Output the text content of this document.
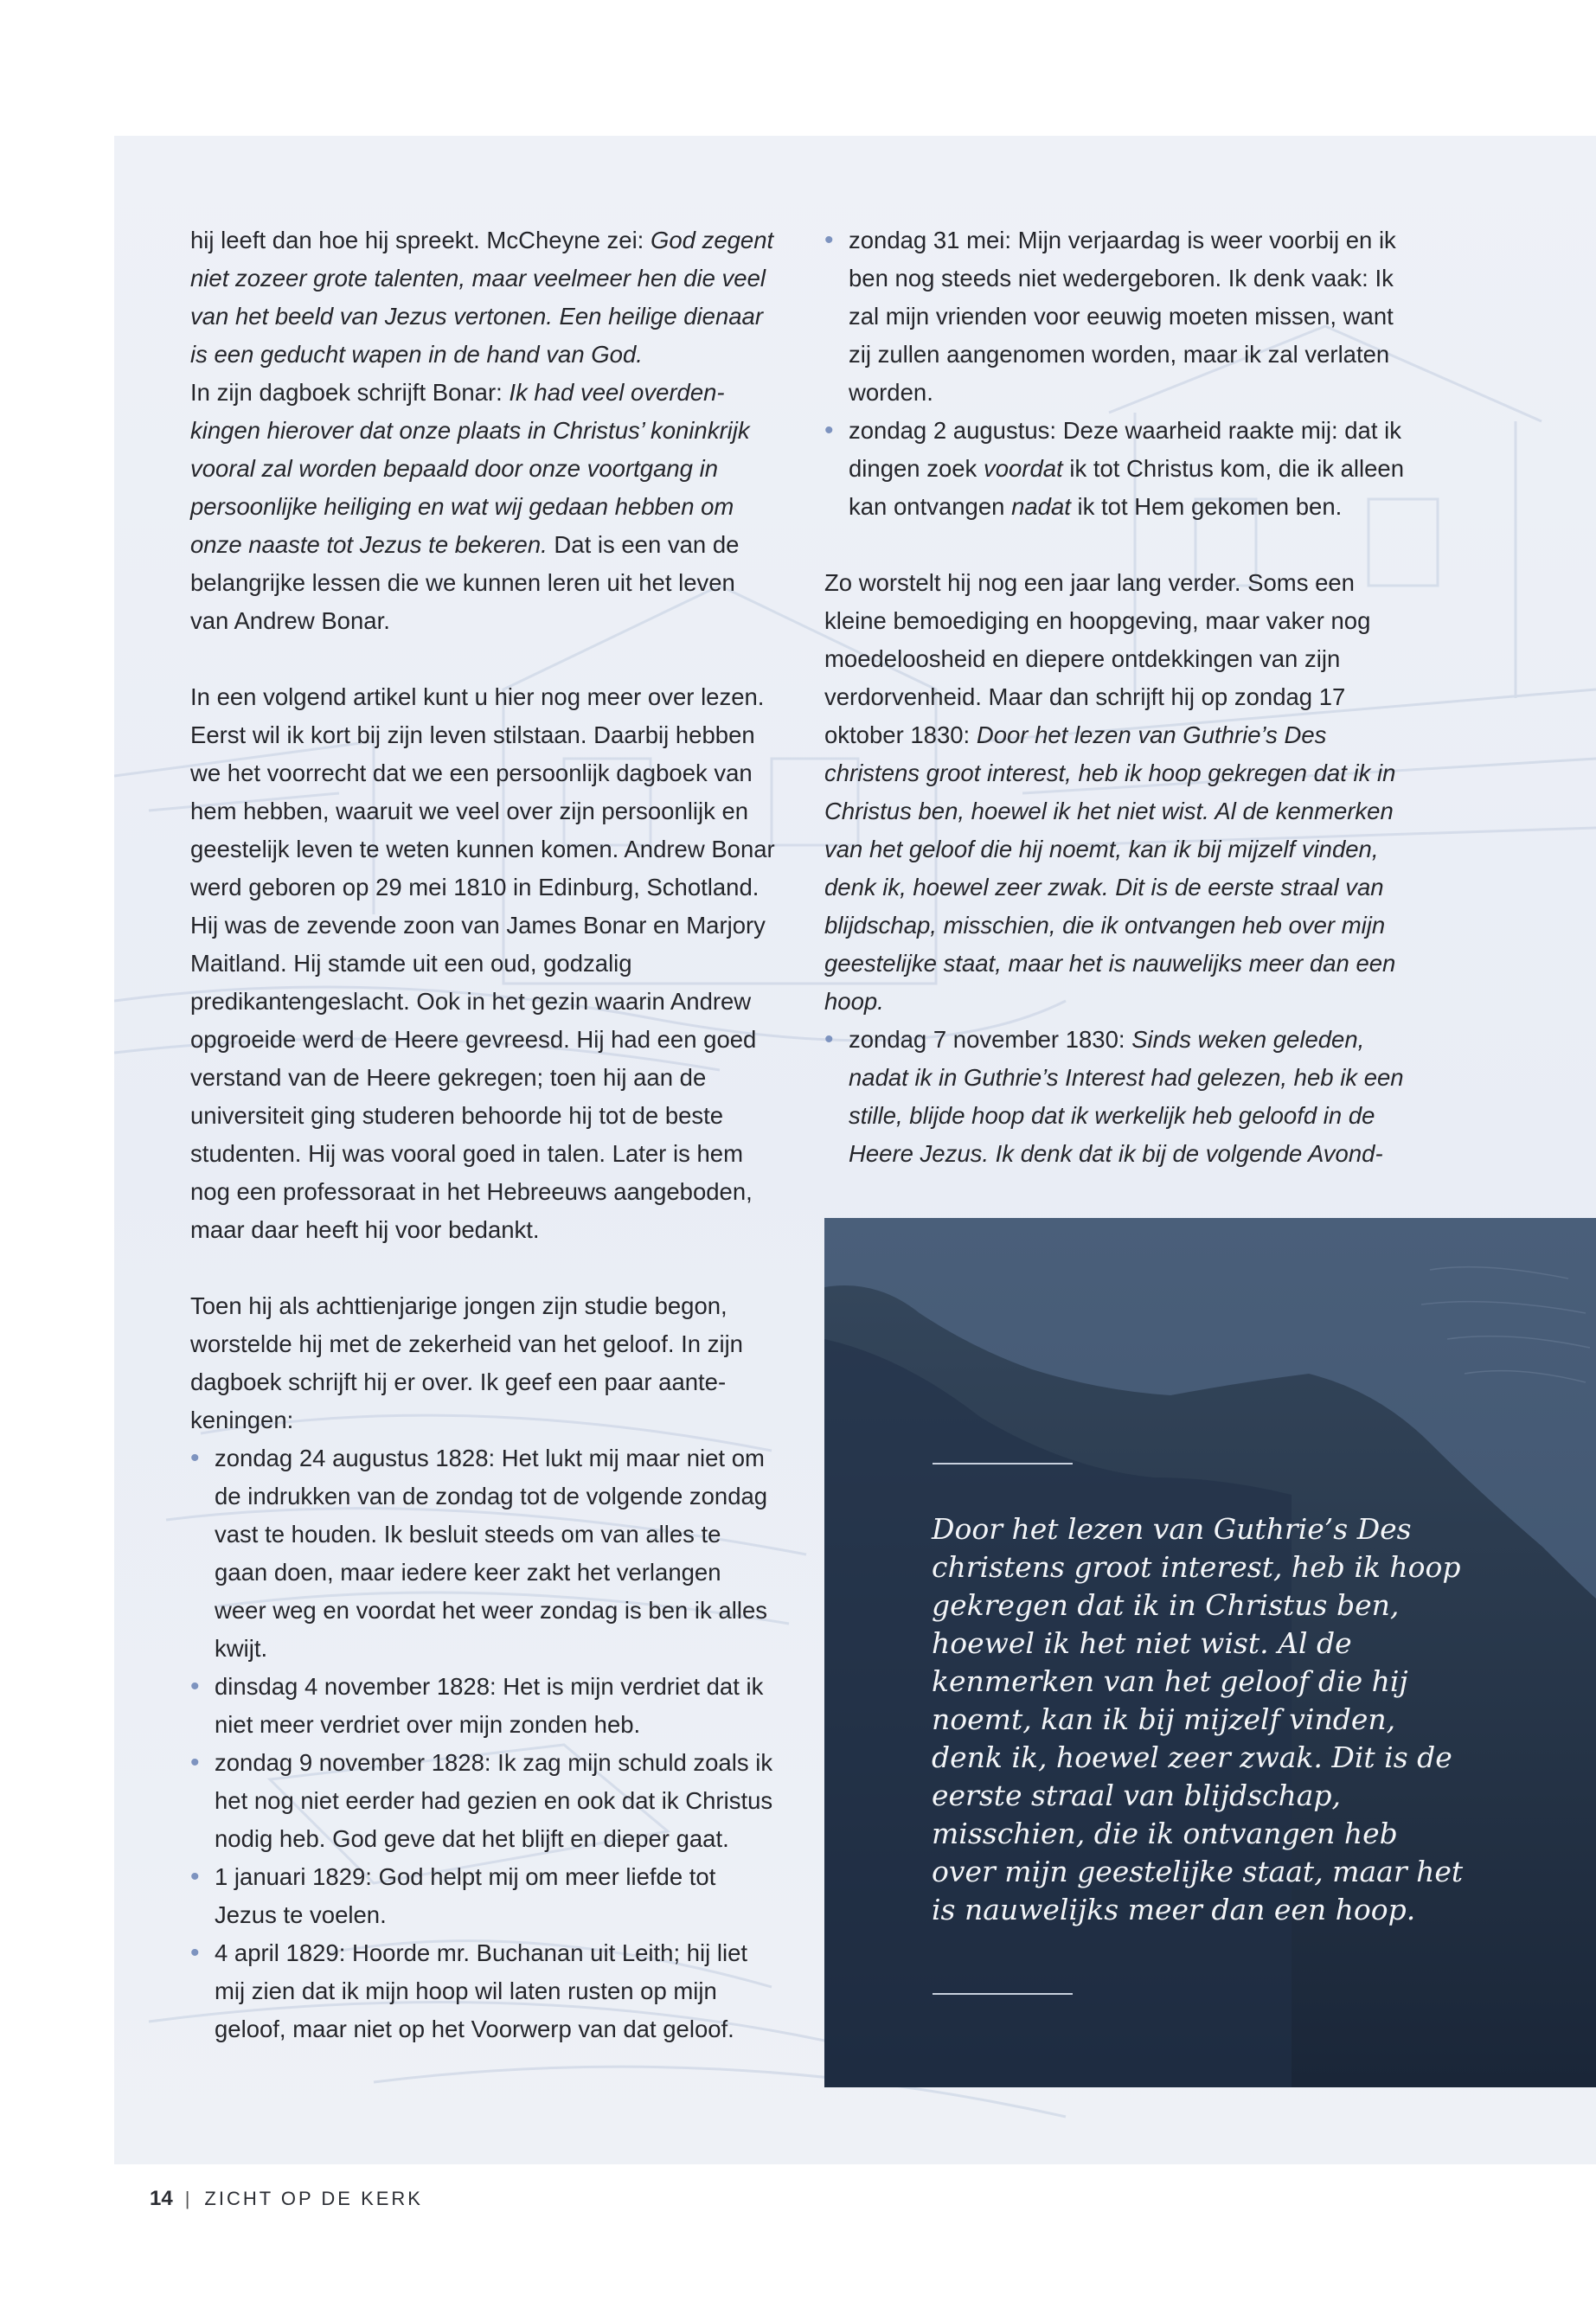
hij leeft dan hoe hij spreekt. McCheyne zei: God zegent niet zozeer grote talenten, maar veelmeer hen die veel van het beeld van Jezus vertonen. Een heilige dienaar is een geducht wapen in de hand van God.
In zijn dagboek schrijft Bonar: Ik had veel overdenkingen hierover dat onze plaats in Christus’ koninkrijk vooral zal worden bepaald door onze voortgang in persoonlijke heiliging en wat wij gedaan hebben om onze naaste tot Jezus te bekeren. Dat is een van de belangrijke lessen die we kunnen leren uit het leven van Andrew Bonar.

In een volgend artikel kunt u hier nog meer over lezen. Eerst wil ik kort bij zijn leven stilstaan. Daarbij hebben we het voorrecht dat we een persoonlijk dagboek van hem hebben, waaruit we veel over zijn persoonlijk en geestelijk leven te weten kunnen komen. Andrew Bonar werd geboren op 29 mei 1810 in Edinburg, Schotland. Hij was de zevende zoon van James Bonar en Marjory Maitland. Hij stamde uit een oud, godzalig predikantengeslacht. Ook in het gezin waarin Andrew opgroeide werd de Heere gevreesd. Hij had een goed verstand van de Heere gekregen; toen hij aan de universiteit ging studeren behoorde hij tot de beste studenten. Hij was vooral goed in talen. Later is hem nog een professoraat in het Hebreeuws aangeboden, maar daar heeft hij voor bedankt.

Toen hij als achttienjarige jongen zijn studie begon, worstelde hij met de zekerheid van het geloof. In zijn dagboek schrijft hij er over. Ik geef een paar aantekeningen:

• zondag 24 augustus 1828: Het lukt mij maar niet om de indrukken van de zondag tot de volgende zondag vast te houden. Ik besluit steeds om van alles te gaan doen, maar iedere keer zakt het verlangen weer weg en voordat het weer zondag is ben ik alles kwijt.
• dinsdag 4 november 1828: Het is mijn verdriet dat ik niet meer verdriet over mijn zonden heb.
• zondag 9 november 1828: Ik zag mijn schuld zoals ik het nog niet eerder had gezien en ook dat ik Christus nodig heb. God geve dat het blijft en dieper gaat.
• 1 januari 1829: God helpt mij om meer liefde tot Jezus te voelen.
• 4 april 1829: Hoorde mr. Buchanan uit Leith; hij liet mij zien dat ik mijn hoop wil laten rusten op mijn geloof, maar niet op het Voorwerp van dat geloof.
• zondag 31 mei: Mijn verjaardag is weer voorbij en ik ben nog steeds niet wedergeboren. Ik denk vaak: Ik zal mijn vrienden voor eeuwig moeten missen, want zij zullen aangenomen worden, maar ik zal verlaten worden.
• zondag 2 augustus: Deze waarheid raakte mij: dat ik dingen zoek voordat ik tot Christus kom, die ik alleen kan ontvangen nadat ik tot Hem gekomen ben.

Zo worstelt hij nog een jaar lang verder. Soms een kleine bemoediging en hoopgeving, maar vaker nog moedeloosheid en diepere ontdekkingen van zijn verdorvenheid. Maar dan schrijft hij op zondag 17 oktober 1830: Door het lezen van Guthrie’s Des christens groot interest, heb ik hoop gekregen dat ik in Christus ben, hoewel ik het niet wist. Al de kenmerken van het geloof die hij noemt, kan ik bij mijzelf vinden, denk ik, hoewel zeer zwak. Dit is de eerste straal van blijdschap, misschien, die ik ontvangen heb over mijn geestelijke staat, maar het is nauwelijks meer dan een hoop.

• zondag 7 november 1830: Sinds weken geleden, nadat ik in Guthrie’s Interest had gelezen, heb ik een stille, blijde hoop dat ik werkelijk heb geloofd in de Heere Jezus. Ik denk dat ik bij de volgende Avond-
Door het lezen van Guthrie’s Des christens groot interest, heb ik hoop gekregen dat ik in Christus ben, hoewel ik het niet wist. Al de kenmerken van het geloof die hij noemt, kan ik bij mijzelf vinden, denk ik, hoewel zeer zwak. Dit is de eerste straal van blijdschap, misschien, die ik ontvangen heb over mijn geestelijke staat, maar het is nauwelijks meer dan een hoop.
14 | ZICHT OP DE KERK
